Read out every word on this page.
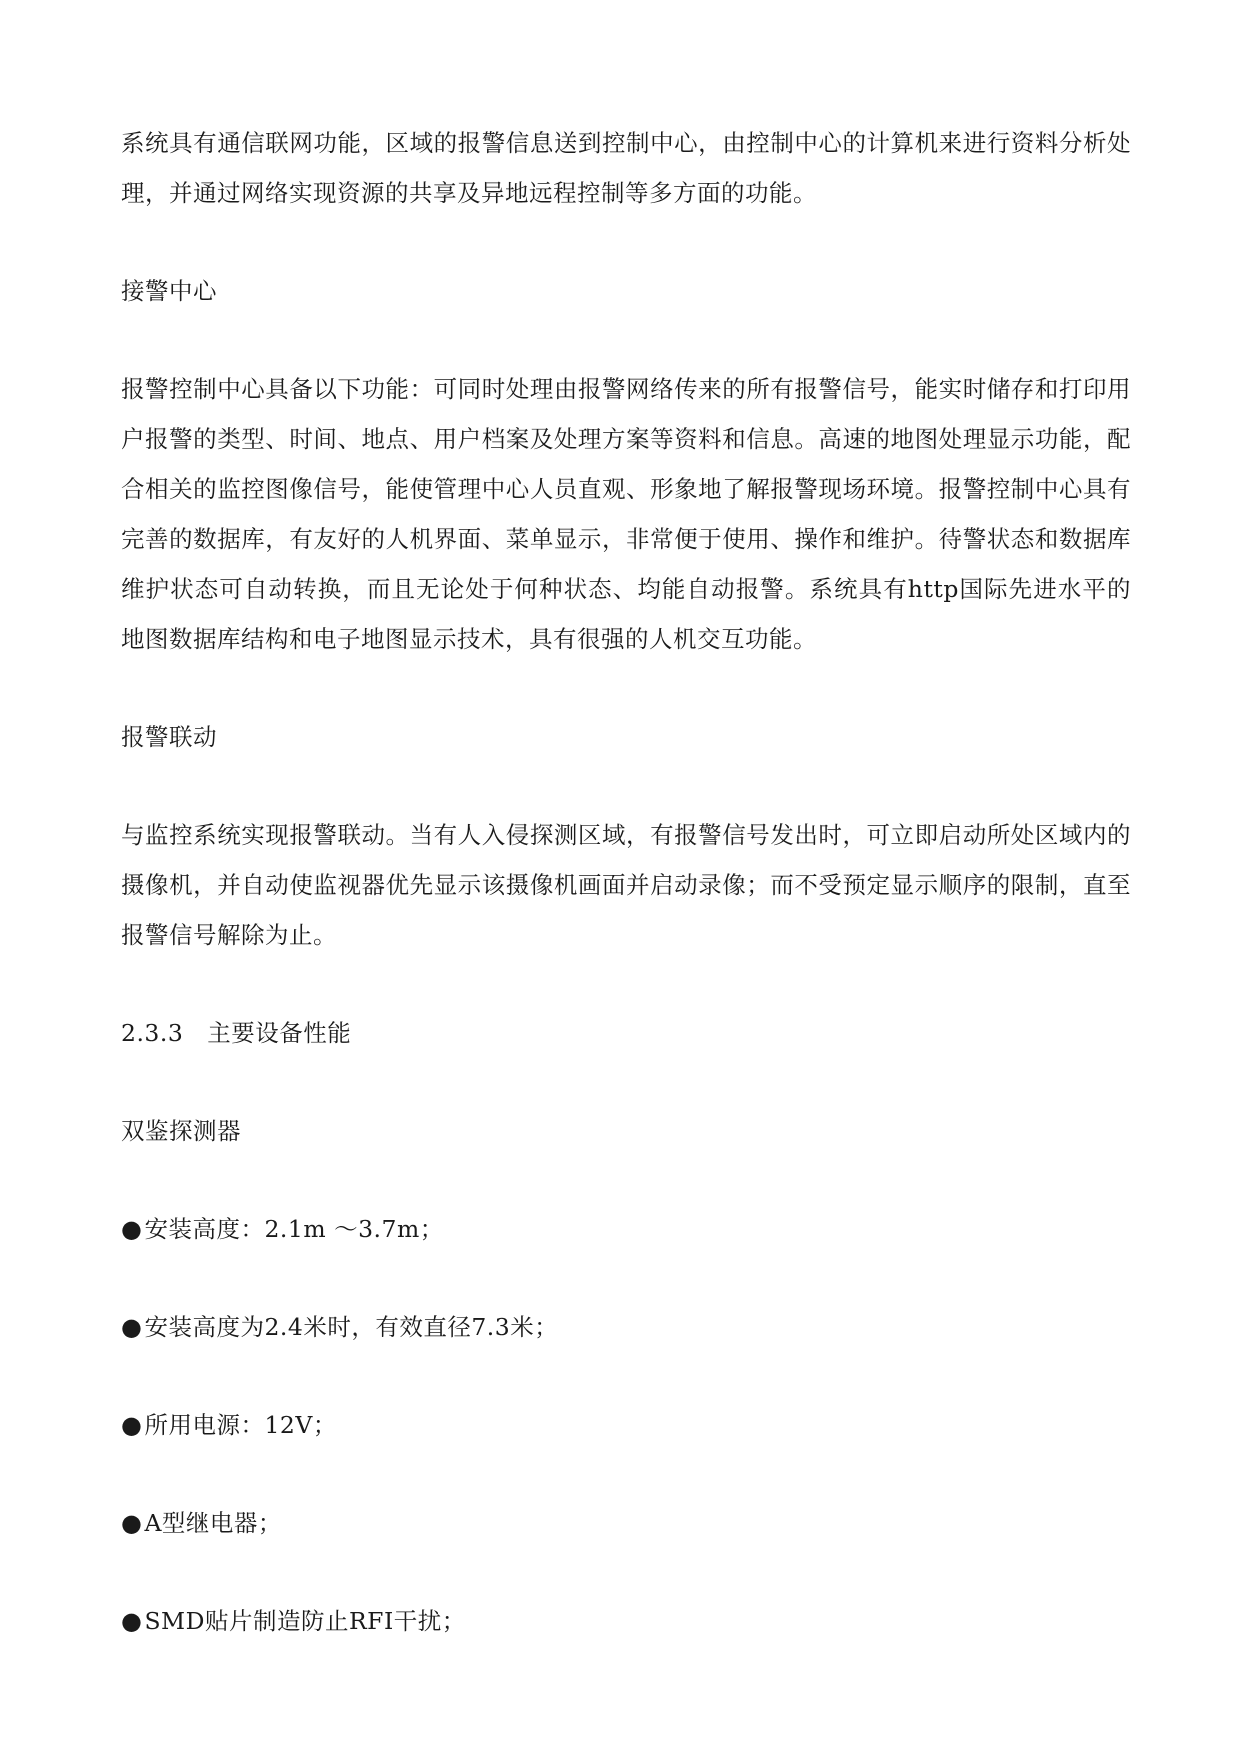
系统具有通信联网功能，区域的报警信息送到控制中心，由控制中心的计算机来进行资料分析处理，并通过网络实现资源的共享及异地远程控制等多方面的功能。

接警中心

报警控制中心具备以下功能：可同时处理由报警网络传来的所有报警信号，能实时储存和打印用户报警的类型、时间、地点、用户档案及处理方案等资料和信息。高速的地图处理显示功能，配合相关的监控图像信号，能使管理中心人员直观、形象地了解报警现场环境。报警控制中心具有完善的数据库，有友好的人机界面、菜单显示，非常便于使用、操作和维护。待警状态和数据库维护状态可自动转换，而且无论处于何种状态、均能自动报警。系统具有http国际先进水平的地图数据库结构和电子地图显示技术，具有很强的人机交互功能。

报警联动

与监控系统实现报警联动。当有人入侵探测区域，有报警信号发出时，可立即启动所处区域内的摄像机，并自动使监视器优先显示该摄像机画面并启动录像；而不受预定显示顺序的限制，直至报警信号解除为止。

2.3.3 主要设备性能

双鉴探测器

●安装高度：2.1m ～3.7m；

●安装高度为2.4米时，有效直径7.3米；

●所用电源：12V；

●A型继电器；

●SMD贴片制造防止RFI干扰；
